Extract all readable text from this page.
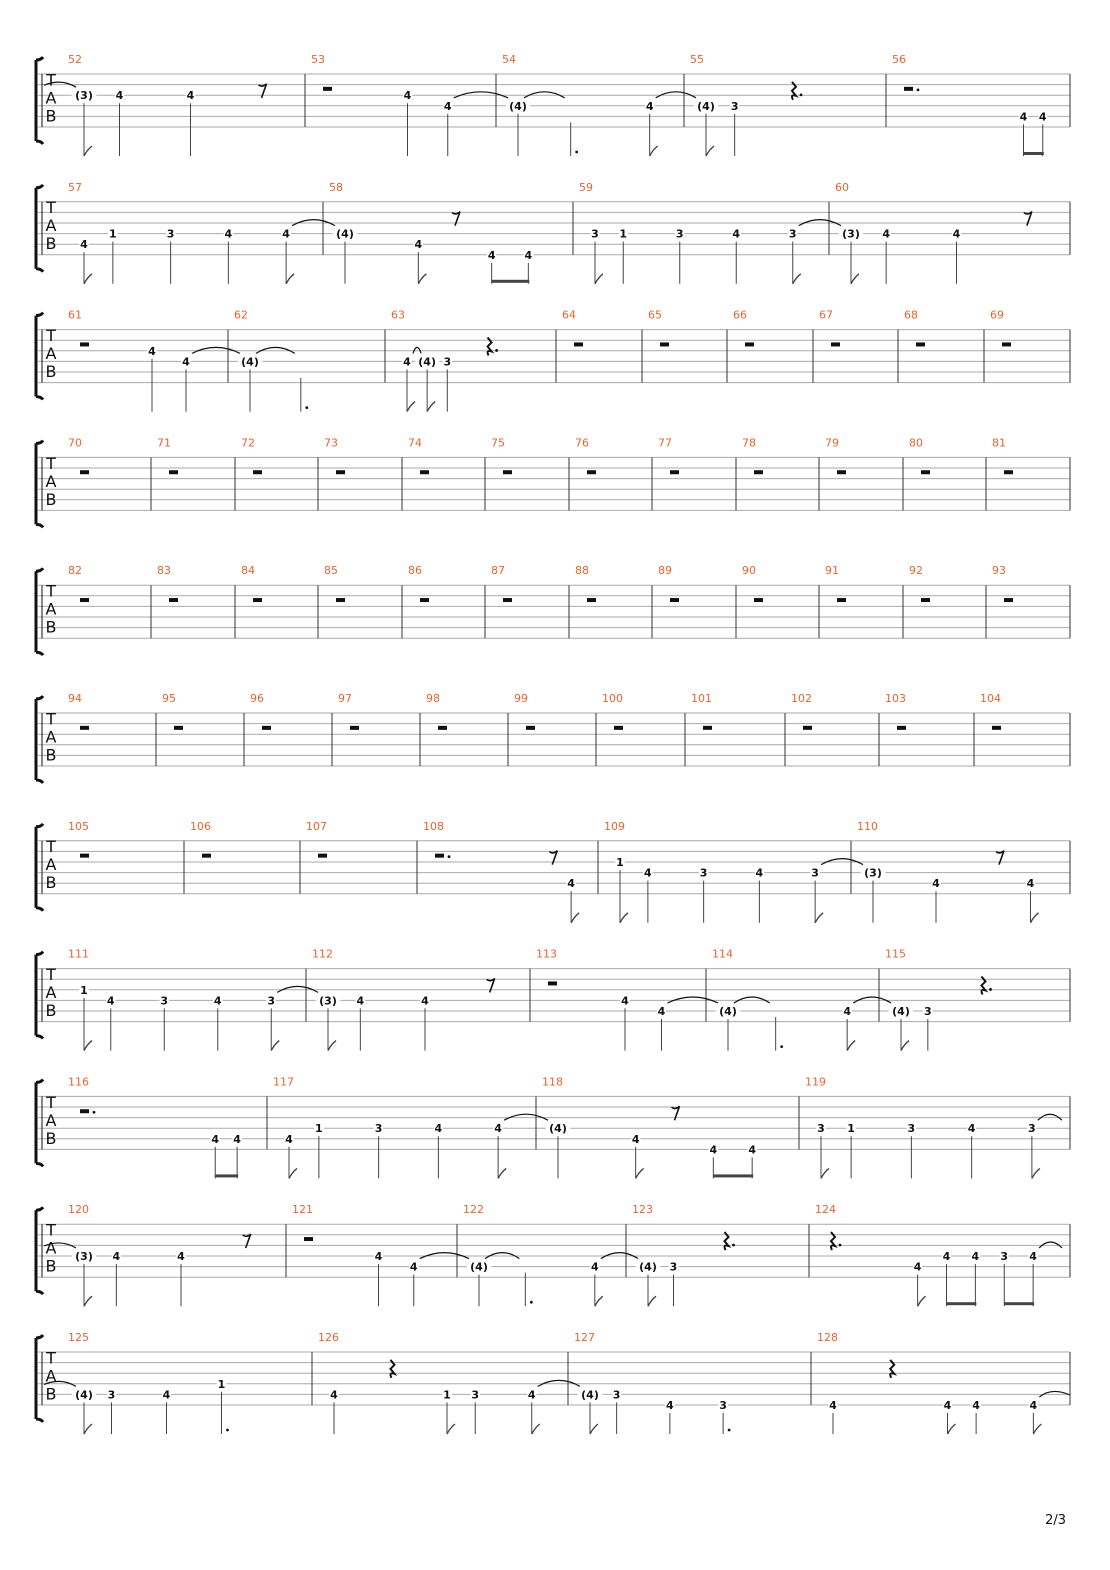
T
A
B
52
(3) 4	4
53
4
4
54
(4)	4
55
(4) 3
56
4 4
T
A
B
57
4
1	3	4	4
58
(4)
4
4	4
59
3 1	3	4	3
60
(3) 4	4
T
A
B
61
4
4
62
(4)
63
4 (4) 3
64	65	66	67	68	69
T
A
B
70	71	72	73	74	75	76	77	78	79	80	81
T
A
B
82	83	84	85	86	87	88	89	90	91	92	93
T
A
B
94	95	96	97	98	99	100	101	102	103	104
T
A
B
105	106	107	108
4
109
1
4	3	4	3
110
(3)
4	4
T
A
B
111
1
4	3	4	3
112
(3) 4	4
113
4
4
114
(4)	4
115
(4) 3
T
A
B
116
4 4
117
4
1	3	4	4
118
(4)
4
4	4
119
3 1	3	4	3
T
A
B
120
(3) 4	4
121
4
4
122
(4)	4
123
(4) 3
124
4
4 4 3 4
T
A
B
125
(4) 3	4
1
126
4	1 3	4
127
(4) 3
4	3
128
4	4 4	4
2/3
